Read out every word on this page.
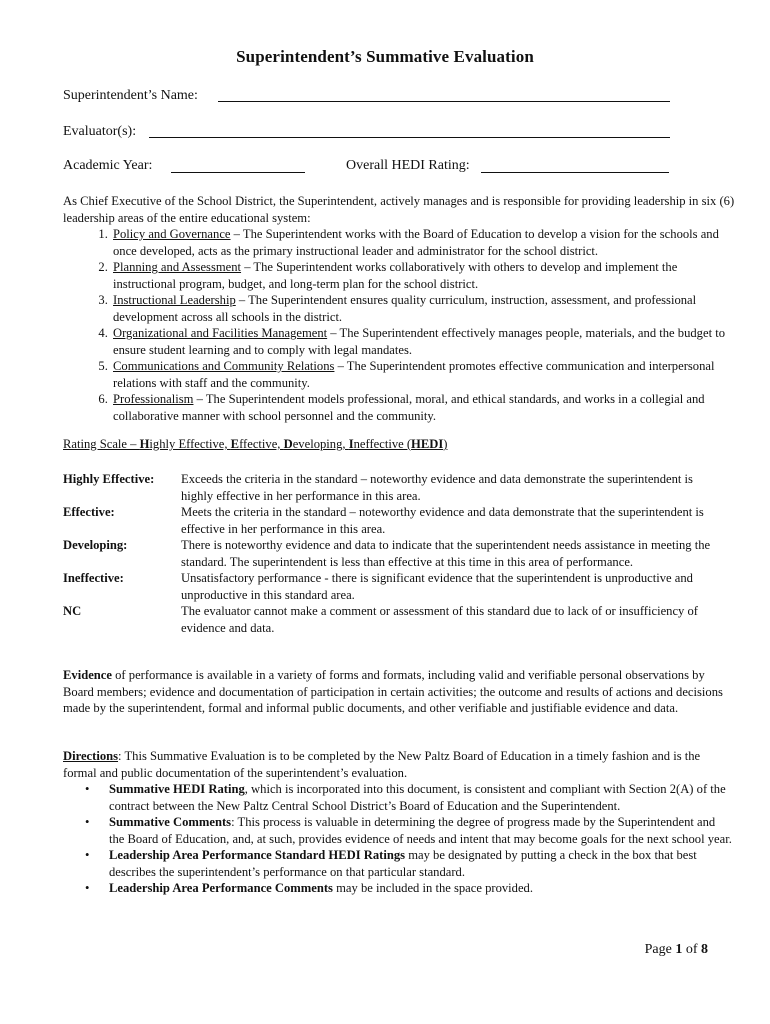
Superintendent’s Summative Evaluation
Superintendent’s Name:
Evaluator(s):
Academic Year:	Overall HEDI Rating:

As Chief Executive of the School District, the Superintendent, actively manages and is responsible for providing leadership in six (6) leadership areas of the entire educational system:

1. Policy and Governance – The Superintendent works with the Board of Education to develop a vision for the schools and once developed, acts as the primary instructional leader and administrator for the school district.
2. Planning and Assessment – The Superintendent works collaboratively with others to develop and implement the instructional program, budget, and long-term plan for the school district.
3. Instructional Leadership – The Superintendent ensures quality curriculum, instruction, assessment, and professional development across all schools in the district.
4. Organizational and Facilities Management – The Superintendent effectively manages people, materials, and the budget to ensure student learning and to comply with legal mandates.
5. Communications and Community Relations – The Superintendent promotes effective communication and interpersonal relations with staff and the community.
6. Professionalism – The Superintendent models professional, moral, and ethical standards, and works in a collegial and collaborative manner with school personnel and the community.
Rating Scale – Highly Effective, Effective, Developing, Ineffective (HEDI)
Highly Effective:	Exceeds the criteria in the standard – noteworthy evidence and data demonstrate the superintendent is highly effective in her performance in this area.
Effective:	Meets the criteria in the standard – noteworthy evidence and data demonstrate that the superintendent is effective in her performance in this area.
Developing:	There is noteworthy evidence and data to indicate that the superintendent needs assistance in meeting the standard. The superintendent is less than effective at this time in this area of performance.
Ineffective:	Unsatisfactory performance - there is significant evidence that the superintendent is unproductive and unproductive in this standard area.
NC	The evaluator cannot make a comment or assessment of this standard due to lack of or insufficiency of evidence and data.
Evidence of performance is available in a variety of forms and formats, including valid and verifiable personal observations by Board members; evidence and documentation of participation in certain activities; the outcome and results of actions and decisions made by the superintendent, formal and informal public documents, and other verifiable and justifiable evidence and data.

Directions: This Summative Evaluation is to be completed by the New Paltz Board of Education in a timely fashion and is the formal and public documentation of the superintendent’s evaluation.

• Summative HEDI Rating, which is incorporated into this document, is consistent and compliant with Section 2(A) of the contract between the New Paltz Central School District’s Board of Education and the Superintendent.
• Summative Comments: This process is valuable in determining the degree of progress made by the Superintendent and the Board of Education, and, at such, provides evidence of needs and intent that may become goals for the next school year.
• Leadership Area Performance Standard HEDI Ratings may be designated by putting a check in the box that best describes the superintendent’s performance on that particular standard.
• Leadership Area Performance Comments may be included in the space provided.
Page 1 of 8
